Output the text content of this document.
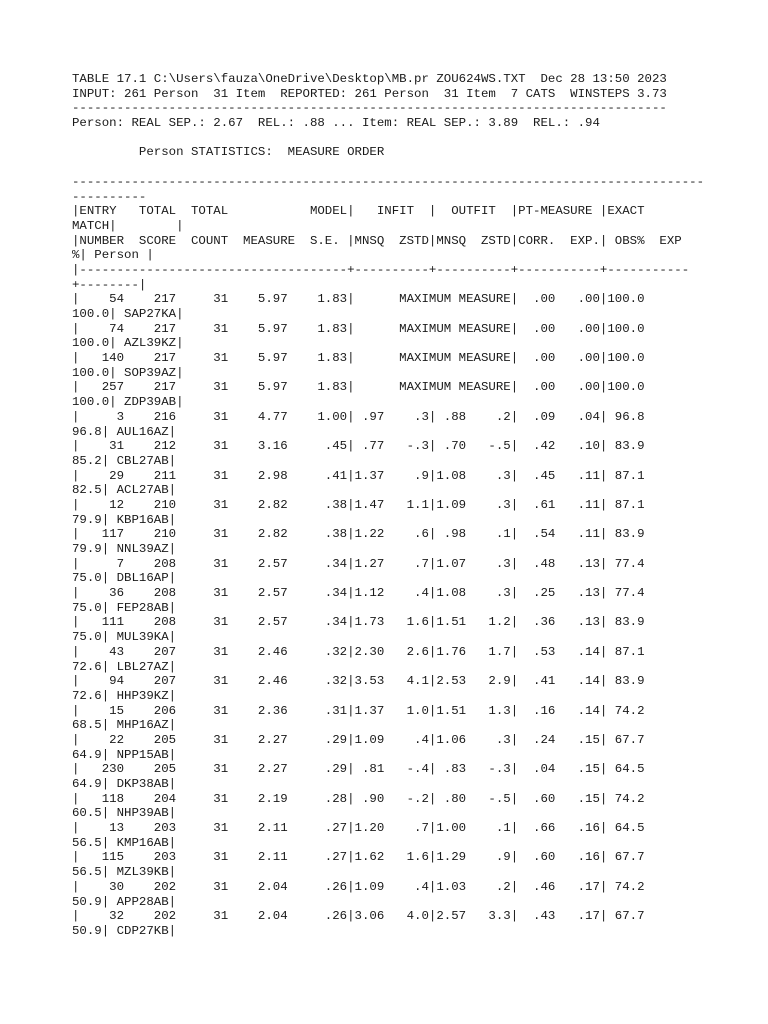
TABLE 17.1 C:\Users\fauza\OneDrive\Desktop\MB.pr ZOU624WS.TXT  Dec 28 13:50 2023
INPUT: 261 Person  31 Item  REPORTED: 261 Person  31 Item  7 CATS  WINSTEPS 3.73
--------------------------------------------------------------------------------
Person: REAL SEP.: 2.67  REL.: .88 ... Item: REAL SEP.: 3.89  REL.: .94
Person STATISTICS:  MEASURE ORDER
-------------------------------------------------------------------------------------
----------
|ENTRY   TOTAL  TOTAL           MODEL|   INFIT  |  OUTFIT  |PT-MEASURE |EXACT
MATCH|        |
|NUMBER  SCORE  COUNT  MEASURE  S.E. |MNSQ  ZSTD|MNSQ  ZSTD|CORR.  EXP.| OBS%  EXP
%| Person |
|------------------------------------+----------+----------+-----------+-----------
+--------|
|    54    217     31    5.97    1.83|      MAXIMUM MEASURE|  .00   .00|100.0
100.0| SAP27KA|
|    74    217     31    5.97    1.83|      MAXIMUM MEASURE|  .00   .00|100.0
100.0| AZL39KZ|
|   140    217     31    5.97    1.83|      MAXIMUM MEASURE|  .00   .00|100.0
100.0| SOP39AZ|
|   257    217     31    5.97    1.83|      MAXIMUM MEASURE|  .00   .00|100.0
100.0| ZDP39AB|
|     3    216     31    4.77    1.00| .97    .3| .88    .2|  .09   .04| 96.8
96.8| AUL16AZ|
|    31    212     31    3.16     .45| .77   -.3| .70   -.5|  .42   .10| 83.9
85.2| CBL27AB|
|    29    211     31    2.98     .41|1.37    .9|1.08    .3|  .45   .11| 87.1
82.5| ACL27AB|
|    12    210     31    2.82     .38|1.47   1.1|1.09    .3|  .61   .11| 87.1
79.9| KBP16AB|
|   117    210     31    2.82     .38|1.22    .6| .98    .1|  .54   .11| 83.9
79.9| NNL39AZ|
|     7    208     31    2.57     .34|1.27    .7|1.07    .3|  .48   .13| 77.4
75.0| DBL16AP|
|    36    208     31    2.57     .34|1.12    .4|1.08    .3|  .25   .13| 77.4
75.0| FEP28AB|
|   111    208     31    2.57     .34|1.73   1.6|1.51   1.2|  .36   .13| 83.9
75.0| MUL39KA|
|    43    207     31    2.46     .32|2.30   2.6|1.76   1.7|  .53   .14| 87.1
72.6| LBL27AZ|
|    94    207     31    2.46     .32|3.53   4.1|2.53   2.9|  .41   .14| 83.9
72.6| HHP39KZ|
|    15    206     31    2.36     .31|1.37   1.0|1.51   1.3|  .16   .14| 74.2
68.5| MHP16AZ|
|    22    205     31    2.27     .29|1.09    .4|1.06    .3|  .24   .15| 67.7
64.9| NPP15AB|
|   230    205     31    2.27     .29| .81   -.4| .83   -.3|  .04   .15| 64.5
64.9| DKP38AB|
|   118    204     31    2.19     .28| .90   -.2| .80   -.5|  .60   .15| 74.2
60.5| NHP39AB|
|    13    203     31    2.11     .27|1.20    .7|1.00    .1|  .66   .16| 64.5
56.5| KMP16AB|
|   115    203     31    2.11     .27|1.62   1.6|1.29    .9|  .60   .16| 67.7
56.5| MZL39KB|
|    30    202     31    2.04     .26|1.09    .4|1.03    .2|  .46   .17| 74.2
50.9| APP28AB|
|    32    202     31    2.04     .26|3.06   4.0|2.57   3.3|  .43   .17| 67.7
50.9| CDP27KB|
